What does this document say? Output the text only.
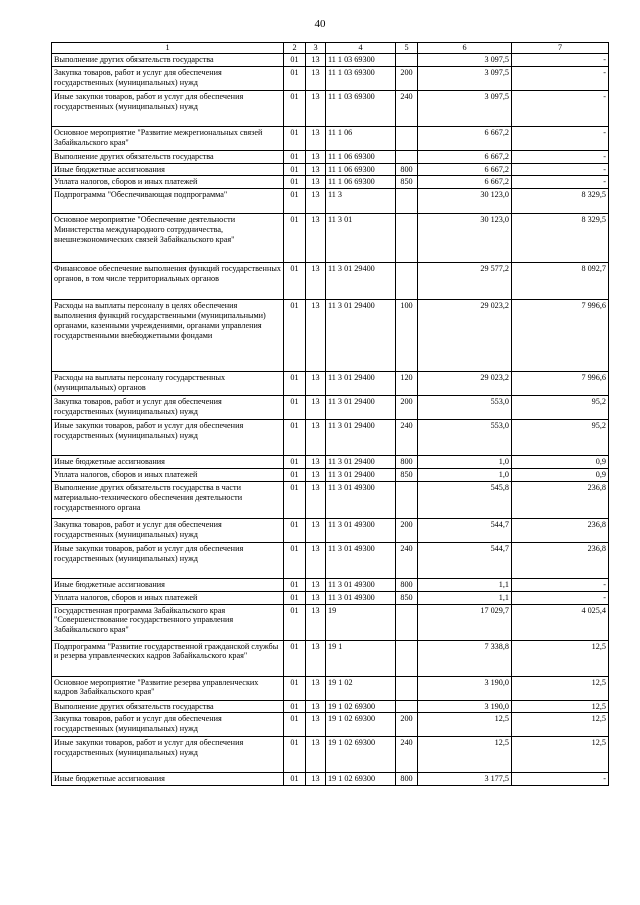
40
1	2	3	4	5	6	7
Выполнение других обязательств государства	01	13	11 1 03 69300		3 097,5	-
Закупка товаров, работ и услуг для обеспечения государственных (муниципальных) нужд	01	13	11 1 03 69300	200	3 097,5	-
Иные закупки товаров, работ и услуг для обеспечения государственных (муниципальных) нужд	01	13	11 1 03 69300	240	3 097,5	-
Основное мероприятие "Развитие межрегиональных связей Забайкальского края"	01	13	11 1 06		6 667,2	-
Выполнение других обязательств государства	01	13	11 1 06 69300		6 667,2	-
Иные бюджетные ассигнования	01	13	11 1 06 69300	800	6 667,2	-
Уплата налогов, сборов и иных платежей	01	13	11 1 06 69300	850	6 667,2	-
Подпрограмма "Обеспечивающая подпрограмма"	01	13	11 3		30 123,0	8 329,5
Основное мероприятие "Обеспечение деятельности Министерства международного сотрудничества, внешнеэкономических связей Забайкальского края"	01	13	11 3 01		30 123,0	8 329,5
Финансовое обеспечение выполнения функций государственных органов, в том числе территориальных органов	01	13	11 3 01 29400		29 577,2	8 092,7
Расходы на выплаты персоналу в целях обеспечения выполнения функций государственными (муниципальными) органами, казенными учреждениями, органами управления государственными внебюджетными фондами	01	13	11 3 01 29400	100	29 023,2	7 996,6
Расходы на выплаты персоналу государственных (муниципальных) органов	01	13	11 3 01 29400	120	29 023,2	7 996,6
Закупка товаров, работ и услуг для обеспечения государственных (муниципальных) нужд	01	13	11 3 01 29400	200	553,0	95,2
Иные закупки товаров, работ и услуг для обеспечения государственных (муниципальных) нужд	01	13	11 3 01 29400	240	553,0	95,2
Иные бюджетные ассигнования	01	13	11 3 01 29400	800	1,0	0,9
Уплата налогов, сборов и иных платежей	01	13	11 3 01 29400	850	1,0	0,9
Выполнение других обязательств государства в части материально-технического обеспечения деятельности государственного органа	01	13	11 3 01 49300		545,8	236,8
Закупка товаров, работ и услуг для обеспечения государственных (муниципальных) нужд	01	13	11 3 01 49300	200	544,7	236,8
Иные закупки товаров, работ и услуг для обеспечения государственных (муниципальных) нужд	01	13	11 3 01 49300	240	544,7	236,8
Иные бюджетные ассигнования	01	13	11 3 01 49300	800	1,1	-
Уплата налогов, сборов и иных платежей	01	13	11 3 01 49300	850	1,1	-
Государственная программа Забайкальского края "Совершенствование государственного управления Забайкальского края"	01	13	19		17 029,7	4 025,4
Подпрограмма "Развитие государственной гражданской службы и резерва управленческих кадров Забайкальского края"	01	13	19 1		7 338,8	12,5
Основное мероприятие "Развитие резерва управленческих кадров Забайкальского края"	01	13	19 1 02		3 190,0	12,5
Выполнение других обязательств государства	01	13	19 1 02 69300		3 190,0	12,5
Закупка товаров, работ и услуг для обеспечения государственных (муниципальных) нужд	01	13	19 1 02 69300	200	12,5	12,5
Иные закупки товаров, работ и услуг для обеспечения государственных (муниципальных) нужд	01	13	19 1 02 69300	240	12,5	12,5
Иные бюджетные ассигнования	01	13	19 1 02 69300	800	3 177,5	-
